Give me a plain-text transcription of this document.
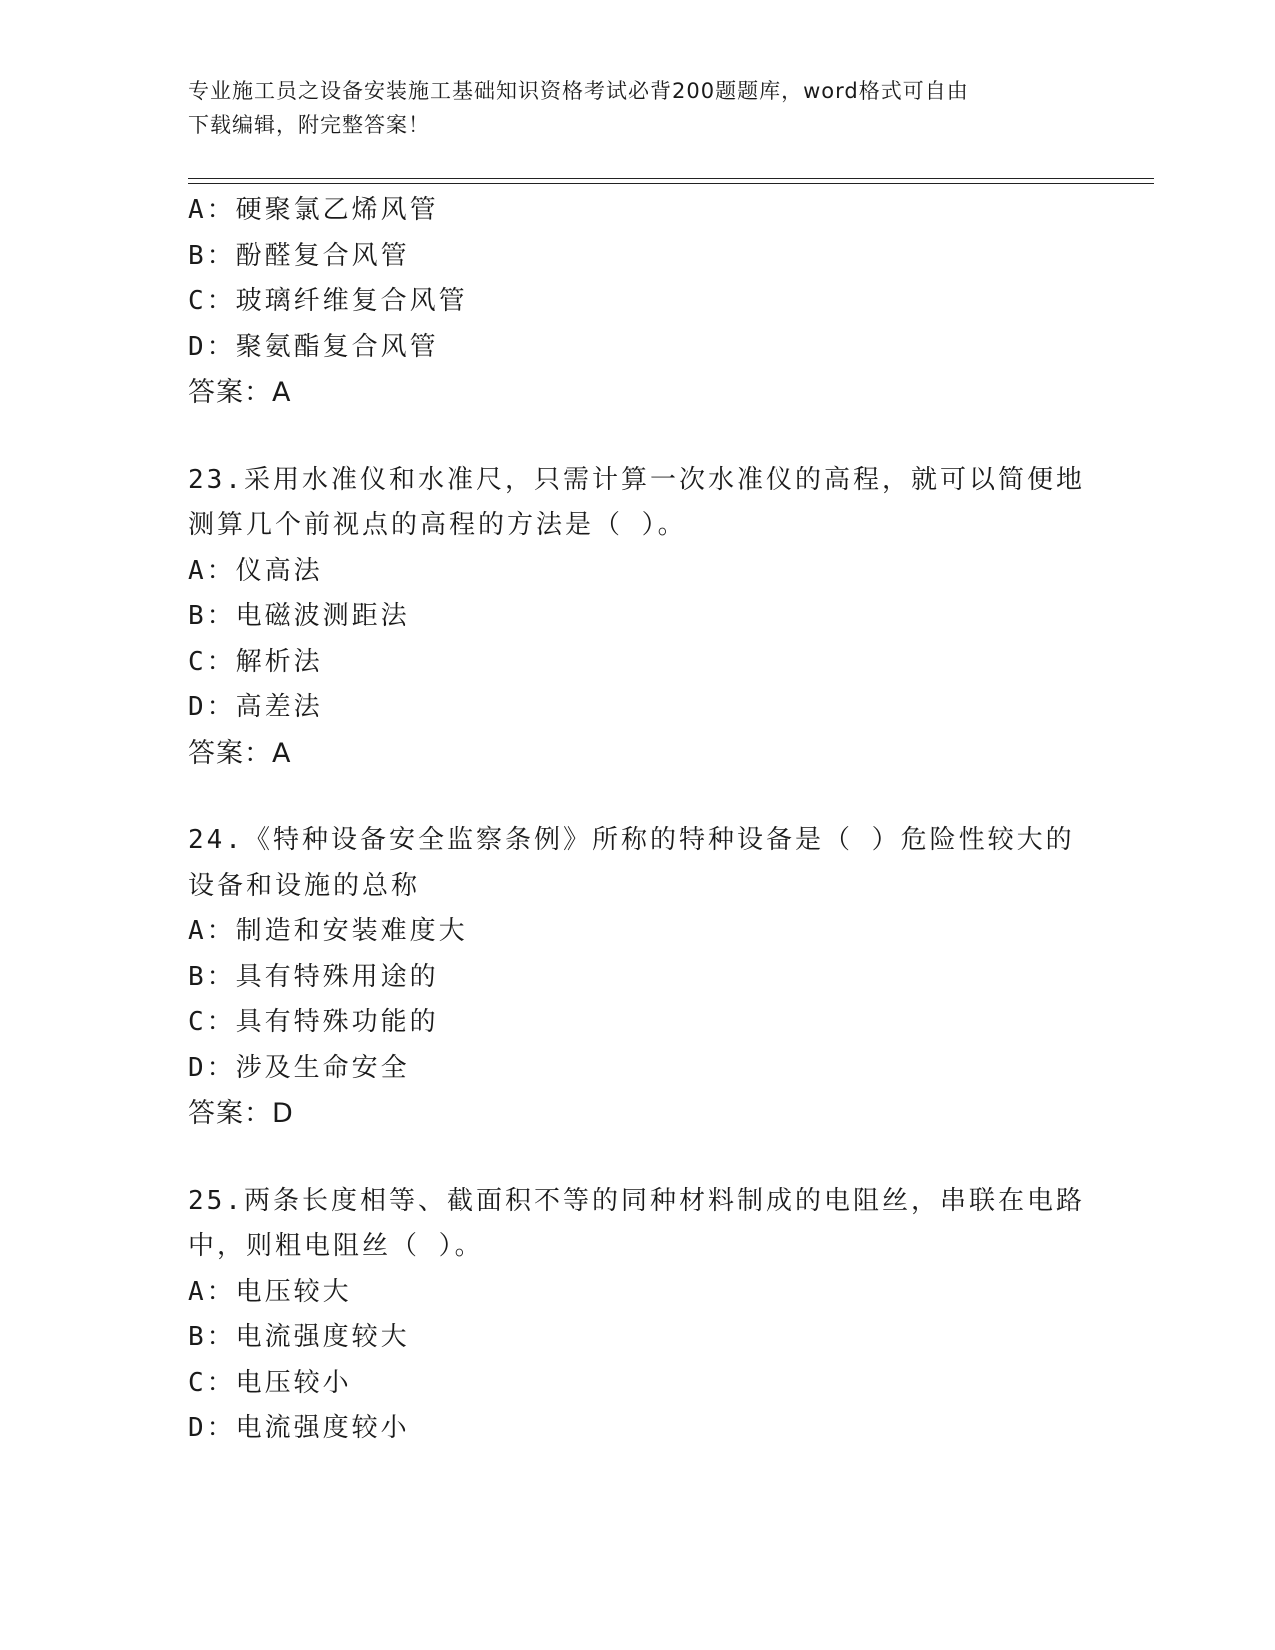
专业施工员之设备安装施工基础知识资格考试必背200题题库，word格式可自由
下载编辑，附完整答案！
A：硬聚氯乙烯风管
B：酚醛复合风管
C：玻璃纤维复合风管
D：聚氨酯复合风管
答案：A
23.采用水准仪和水准尺，只需计算一次水准仪的高程，就可以简便地
测算几个前视点的高程的方法是（ ）。
A：仪高法
B：电磁波测距法
C：解析法
D：高差法
答案：A
24.《特种设备安全监察条例》所称的特种设备是（ ）危险性较大的
设备和设施的总称
A：制造和安装难度大
B：具有特殊用途的
C：具有特殊功能的
D：涉及生命安全
答案：D
25.两条长度相等、截面积不等的同种材料制成的电阻丝，串联在电路
中，则粗电阻丝（ ）。
A：电压较大
B：电流强度较大
C：电压较小
D：电流强度较小
